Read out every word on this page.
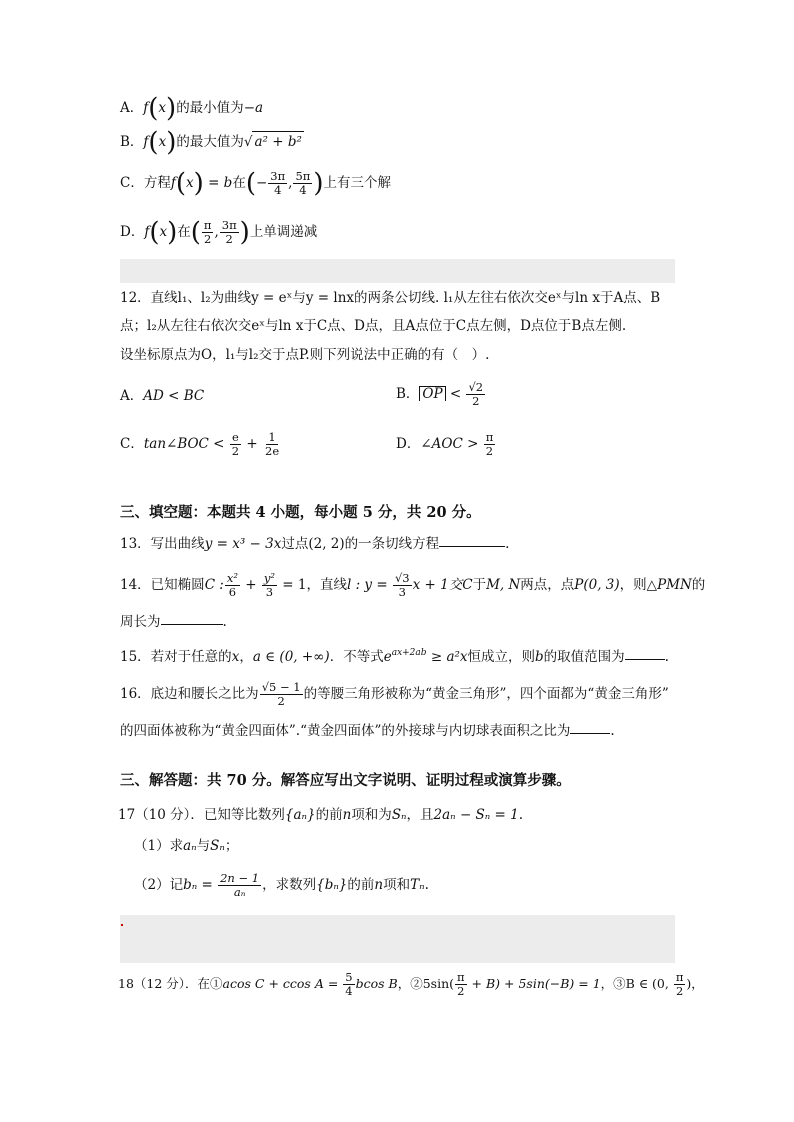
A．f(x)的最小值为−a
B．f(x)的最大值为√ a² + b²
C．方程f(x) = b在(− $\frac{3\pi}{4}$ , $\frac{5\pi}{4}$ )上有三个解
D．f(x)在( $\frac{\pi}{2}$ , $\frac{3\pi}{2}$ )上单调递减
12．直线l₁、l₂为曲线y = eˣ与y = lnx的两条公切线. l₁从左往右依次交eˣ与ln x于A点、B
点；l₂从左往右依次交eˣ与ln x于C点、D点，且A点位于C点左侧，D点位于B点左侧.
设坐标原点为O，l₁与l₂交于点P.则下列说法中正确的有（　）.
A．AD < BC	B． OP < $\frac{√2}{2}$
C．tan∠BOC < $\frac{e}{2} + \frac{1}{2e}$	D．∠AOC > $\frac{\pi}{2}$
三、填空题：本题共 4 小题，每小题 5 分，共 20 分。
13．写出曲线y = x³ − 3x过点(2, 2)的一条切线方程	.
14．已知椭圆C : $\frac{\text{x²}}{6} + \frac{\text{y²}}{3} = 1$，直线l : $y = \frac{√3}{3}$ x + 1交C于M, N两点，点P(0, 3)，则△PMN的
周长为	.
15．若对于任意的x，a ∈ (0, +∞)．不等式$e^{ax+2ab} \ge a^2x$恒成立，则b的取值范围为	.
16．底边和腰长之比为 $\frac{√5 - 1}{2}$ 的等腰三角形被称为“黄金三角形”，四个面都为“黄金三角形”
的四面体被称为“黄金四面体”.“黄金四面体”的外接球与内切球表面积之比为	.
三、解答题：共 70 分。解答应写出文字说明、证明过程或演算步骤。
17（10 分）．已知等比数列{aₙ}的前n项和为Sₙ，且2aₙ − Sₙ = 1.
（1）求aₙ与Sₙ；
（2）记$b_n = \frac{2n - 1}{\text{aₙ}}$ ，求数列{bₙ}的前n项和Tₙ.
18（12 分）．在①acos C + ccos $A = \frac{5}{4}$ bcos B，②5sin( $\frac{\pi}{2} + B) + 5\sin(-B) = 1$，③B ∈ (0, $\frac{\pi}{2}$ )，
